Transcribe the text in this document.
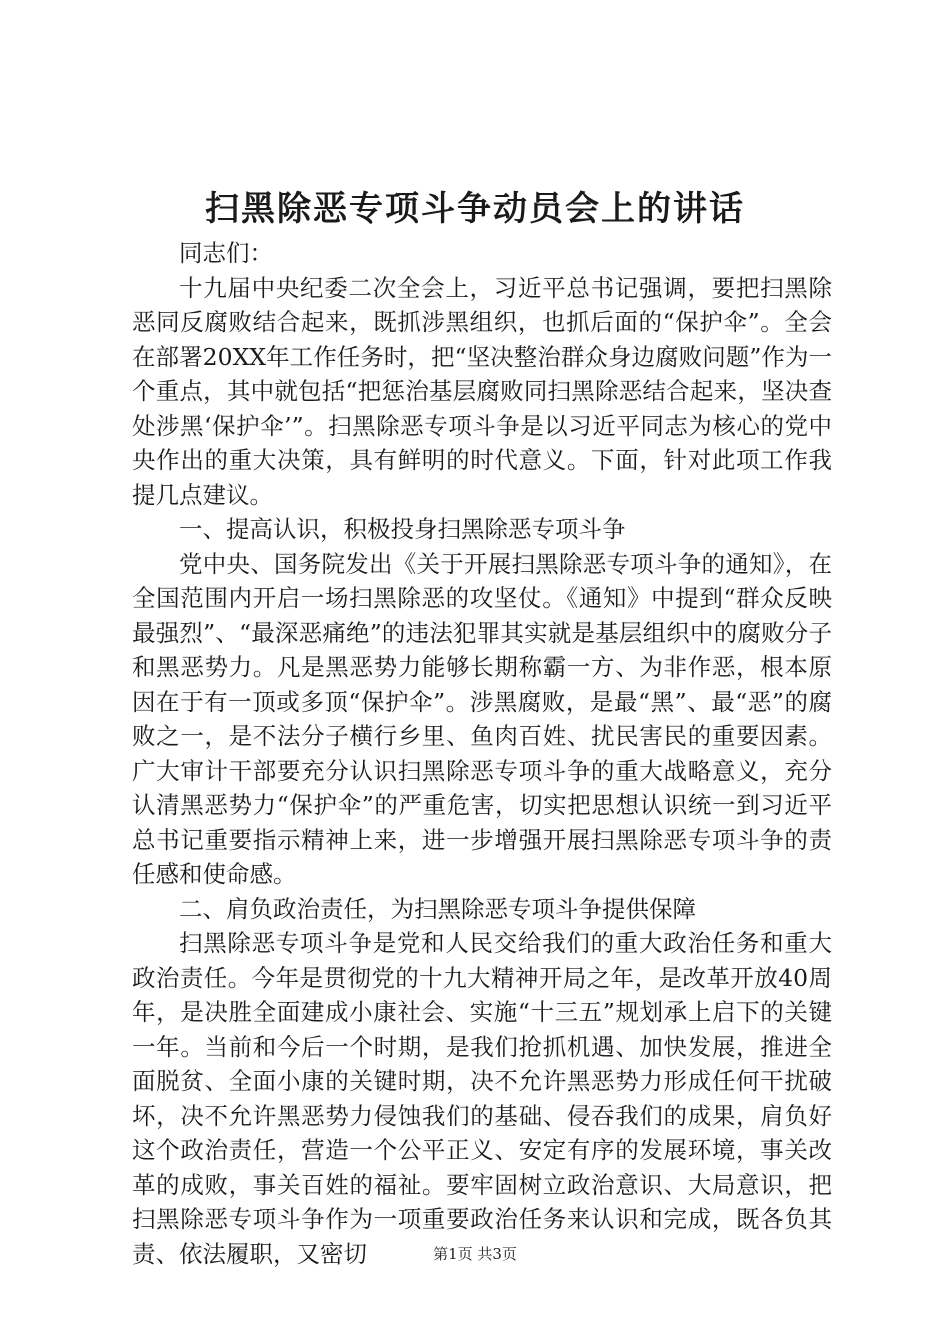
扫黑除恶专项斗争动员会上的讲话

同志们：

十九届中央纪委二次全会上，习近平总书记强调，要把扫黑除恶同反腐败结合起来，既抓涉黑组织，也抓后面的“保护伞”。全会在部署20XX年工作任务时，把“坚决整治群众身边腐败问题”作为一个重点，其中就包括“把惩治基层腐败同扫黑除恶结合起来，坚决查处涉黑‘保护伞’”。扫黑除恶专项斗争是以习近平同志为核心的党中央作出的重大决策，具有鲜明的时代意义。下面，针对此项工作我提几点建议。

一、提高认识，积极投身扫黑除恶专项斗争

党中央、国务院发出《关于开展扫黑除恶专项斗争的通知》，在全国范围内开启一场扫黑除恶的攻坚仗。《通知》中提到“群众反映最强烈”、“最深恶痛绝”的违法犯罪其实就是基层组织中的腐败分子和黑恶势力。凡是黑恶势力能够长期称霸一方、为非作恶，根本原因在于有一顶或多顶“保护伞”。涉黑腐败，是最“黑”、最“恶”的腐败之一，是不法分子横行乡里、鱼肉百姓、扰民害民的重要因素。广大审计干部要充分认识扫黑除恶专项斗争的重大战略意义，充分认清黑恶势力“保护伞”的严重危害，切实把思想认识统一到习近平总书记重要指示精神上来，进一步增强开展扫黑除恶专项斗争的责任感和使命感。

二、肩负政治责任，为扫黑除恶专项斗争提供保障

扫黑除恶专项斗争是党和人民交给我们的重大政治任务和重大政治责任。今年是贯彻党的十九大精神开局之年，是改革开放40周年，是决胜全面建成小康社会、实施“十三五”规划承上启下的关键一年。当前和今后一个时期，是我们抢抓机遇、加快发展，推进全面脱贫、全面小康的关键时期，决不允许黑恶势力形成任何干扰破坏，决不允许黑恶势力侵蚀我们的基础、侵吞我们的成果，肩负好这个政治责任，营造一个公平正义、安定有序的发展环境，事关改革的成败，事关百姓的福祉。要牢固树立政治意识、大局意识，把扫黑除恶专项斗争作为一项重要政治任务来认识和完成，既各负其责、依法履职，又密切	第1页 共3页
